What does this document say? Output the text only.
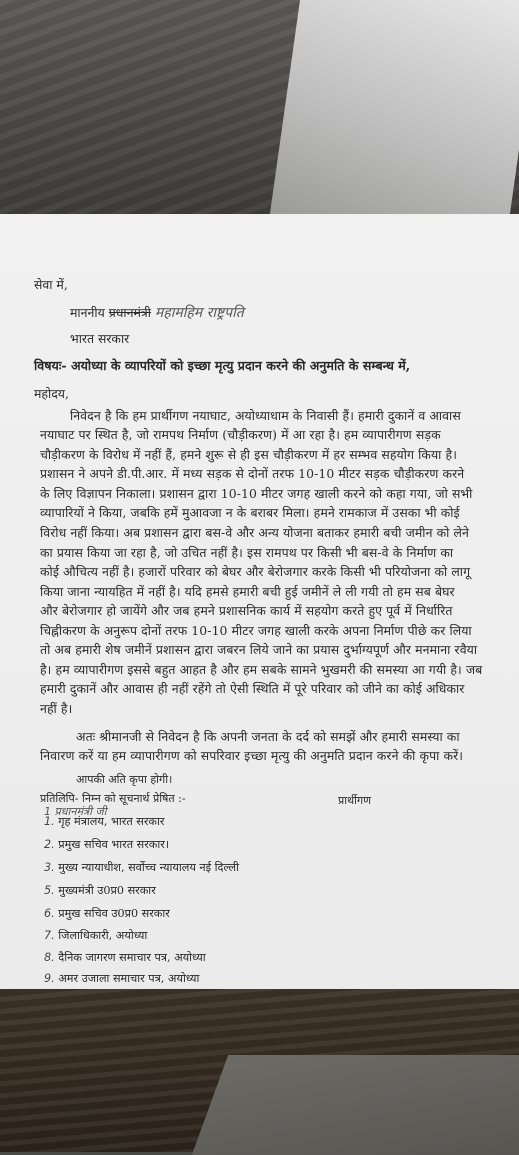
सेवा में,
माननीय प्रधानमंत्री महामहिम राष्ट्रपति
भारत सरकार
विषयः- अयोध्या के व्यापरियों को इच्छा मृत्यु प्रदान करने की अनुमति के सम्बन्ध में,
महोदय,
निवेदन है कि हम प्रार्थीगण नयाघाट, अयोध्याधाम के निवासी हैं। हमारी दुकानें व आवास
नयाघाट पर स्थित है, जो रामपथ निर्माण (चौड़ीकरण) में आ रहा है। हम व्यापारीगण सड़क
चौड़ीकरण के विरोध में नहीं हैं, हमने शुरू से ही इस चौड़ीकरण में हर सम्भव सहयोग किया है।
प्रशासन ने अपने डी.पी.आर. में मध्य सड़क से दोनों तरफ 10-10 मीटर सड़क चौड़ीकरण करने
के लिए विज्ञापन निकाला। प्रशासन द्वारा 10-10 मीटर जगह खाली करने को कहा गया, जो सभी
व्यापारियों ने किया, जबकि हमें मुआवजा न के बराबर मिला। हमने रामकाज में उसका भी कोई
विरोध नहीं किया। अब प्रशासन द्वारा बस-वे और अन्य योजना बताकर हमारी बची जमीन को लेने
का प्रयास किया जा रहा है, जो उचित नहीं है। इस रामपथ पर किसी भी बस-वे के निर्माण का
कोई औचित्य नहीं है। हजारों परिवार को बेघर और बेरोजगार करके किसी भी परियोजना को लागू
किया जाना न्यायहित में नहीं है। यदि हमसे हमारी बची हुई जमीनें ले ली गयी तो हम सब बेघर
और बेरोजगार हो जायेंगे और जब हमने प्रशासनिक कार्य में सहयोग करते हुए पूर्व में निर्धारित
चिह्नीकरण के अनुरूप दोनों तरफ 10-10 मीटर जगह खाली करके अपना निर्माण पीछे कर लिया
तो अब हमारी शेष जमीनें प्रशासन द्वारा जबरन लिये जाने का प्रयास दुर्भाग्यपूर्ण और मनमाना रवैया
है। हम व्यापारीगण इससे बहुत आहत है और हम सबके सामने भुखमरी की समस्या आ गयी है। जब
हमारी दुकानें और आवास ही नहीं रहेंगे तो ऐसी स्थिति में पूरे परिवार को जीने का कोई अधिकार
नहीं है।
अतः श्रीमानजी से निवेदन है कि अपनी जनता के दर्द को समझें और हमारी समस्या का
निवारण करें या हम व्यापारीगण को सपरिवार इच्छा मृत्यु की अनुमति प्रदान करने की कृपा करें।
आपकी अति कृपा होगी।
प्रतिलिपि- निम्न को सूचनार्थ प्रेषित :-
1 प्रधानमंत्री जी
प्रार्थीगण
1. गृह मंत्रालय, भारत सरकार
2. प्रमुख सचिव भारत सरकार।
3. मुख्य न्यायाधीश, सर्वोच्च न्यायालय नई दिल्ली
5. मुख्यमंत्री उ0प्र0 सरकार
6. प्रमुख सचिव उ0प्र0 सरकार
7. जिलाधिकारी, अयोध्या
8. दैनिक जागरण समाचार पत्र, अयोध्या
9. अमर उजाला समाचार पत्र, अयोध्या
